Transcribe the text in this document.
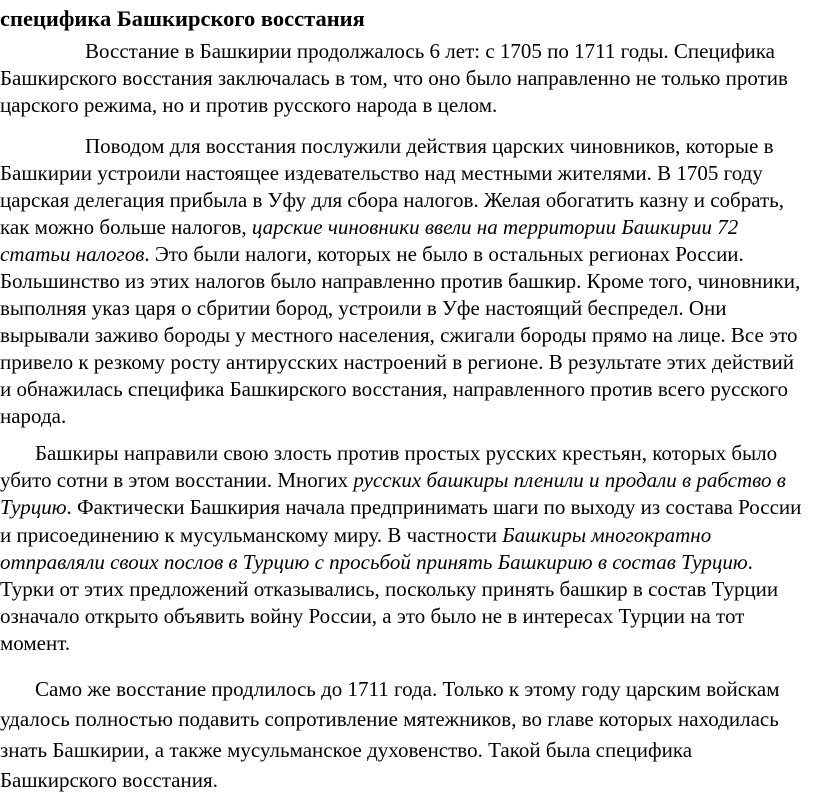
специфика Башкирского восстания

Восстание в Башкирии продолжалось 6 лет: с 1705 по 1711 годы. Специфика Башкирского восстания заключалась в том, что оно было направленно не только против царского режима, но и против русского народа в целом.

Поводом для восстания послужили действия царских чиновников, которые в Башкирии устроили настоящее издевательство над местными жителями. В 1705 году царская делегация прибыла в Уфу для сбора налогов. Желая обогатить казну и собрать, как можно больше налогов, царские чиновники ввели на территории Башкирии 72 статьи налогов. Это были налоги, которых не было в остальных регионах России. Большинство из этих налогов было направленно против башкир. Кроме того, чиновники, выполняя указ царя о сбритии бород, устроили в Уфе настоящий беспредел. Они вырывали заживо бороды у местного населения, сжигали бороды прямо на лице. Все это привело к резкому росту антирусских настроений в регионе. В результате этих действий и обнажилась специфика Башкирского восстания, направленного против всего русского народа.

Башкиры направили свою злость против простых русских крестьян, которых было убито сотни в этом восстании. Многих русских башкиры пленили и продали в рабство в Турцию. Фактически Башкирия начала предпринимать шаги по выходу из состава России и присоединению к мусульманскому миру. В частности Башкиры многократно отправляли своих послов в Турцию с просьбой принять Башкирию в состав Турцию. Турки от этих предложений отказывались, поскольку принять башкир в состав Турции означало открыто объявить войну России, а это было не в интересах Турции на тот момент.

Само же восстание продлилось до 1711 года. Только к этому году царским войскам удалось полностью подавить сопротивление мятежников, во главе которых находилась знать Башкирии, а также мусульманское духовенство. Такой была специфика Башкирского восстания.
